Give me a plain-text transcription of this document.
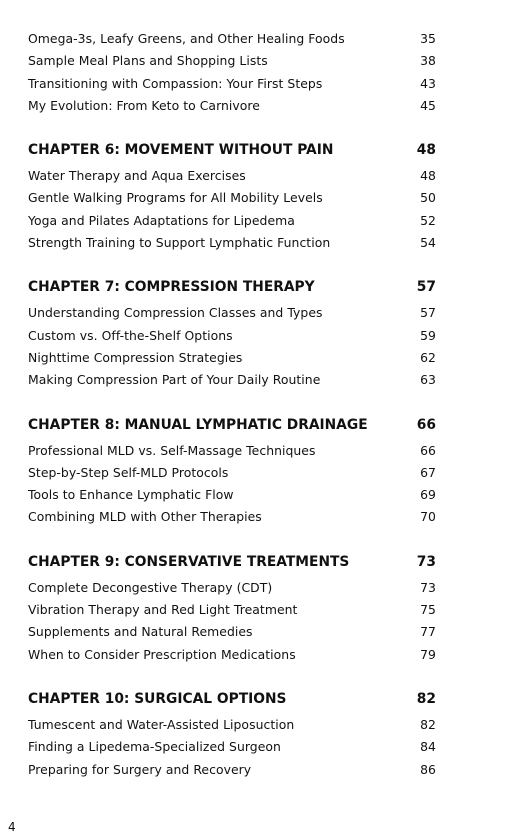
Omega-3s, Leafy Greens, and Other Healing Foods	35
Sample Meal Plans and Shopping Lists	38
Transitioning with Compassion: Your First Steps	43
My Evolution: From Keto to Carnivore	45
CHAPTER 6: MOVEMENT WITHOUT PAIN	48
Water Therapy and Aqua Exercises	48
Gentle Walking Programs for All Mobility Levels	50
Yoga and Pilates Adaptations for Lipedema	52
Strength Training to Support Lymphatic Function	54
CHAPTER 7: COMPRESSION THERAPY	57
Understanding Compression Classes and Types	57
Custom vs. Off-the-Shelf Options	59
Nighttime Compression Strategies	62
Making Compression Part of Your Daily Routine	63
CHAPTER 8: MANUAL LYMPHATIC DRAINAGE	66
Professional MLD vs. Self-Massage Techniques	66
Step-by-Step Self-MLD Protocols	67
Tools to Enhance Lymphatic Flow	69
Combining MLD with Other Therapies	70
CHAPTER 9: CONSERVATIVE TREATMENTS	73
Complete Decongestive Therapy (CDT)	73
Vibration Therapy and Red Light Treatment	75
Supplements and Natural Remedies	77
When to Consider Prescription Medications	79
CHAPTER 10: SURGICAL OPTIONS	82
Tumescent and Water-Assisted Liposuction	82
Finding a Lipedema-Specialized Surgeon	84
Preparing for Surgery and Recovery	86
4
